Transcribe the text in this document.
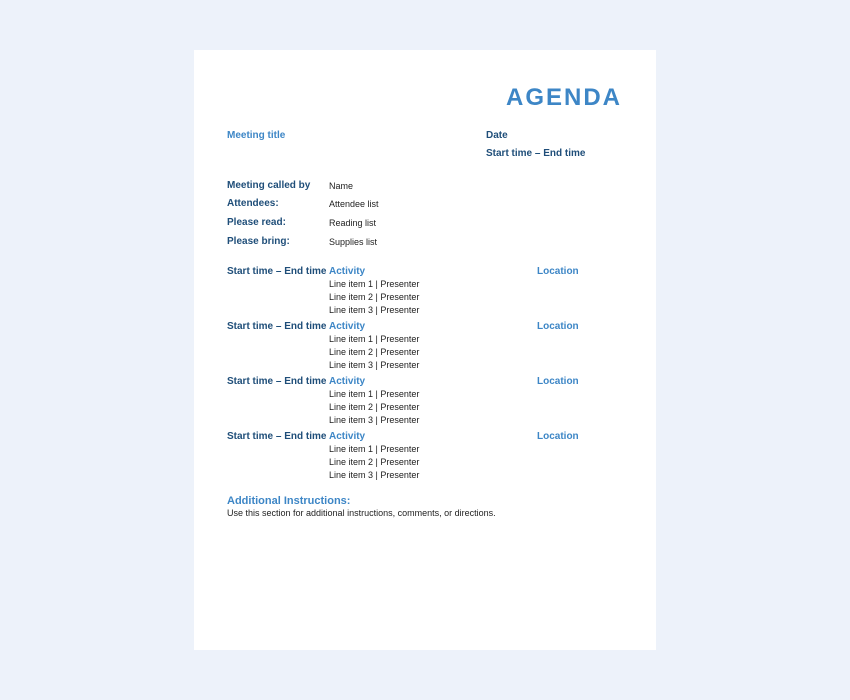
AGENDA
Meeting title	Date
Start time – End time
Meeting called by Name
Attendees:	Attendee list
Please read:	Reading list
Please bring:	Supplies list
Start time – End time Activity	Location
Line item 1 | Presenter
Line item 2 | Presenter
Line item 3 | Presenter
Start time – End time Activity	Location
Line item 1 | Presenter
Line item 2 | Presenter
Line item 3 | Presenter
Start time – End time Activity	Location
Line item 1 | Presenter
Line item 2 | Presenter
Line item 3 | Presenter
Start time – End time Activity	Location
Line item 1 | Presenter
Line item 2 | Presenter
Line item 3 | Presenter
Additional Instructions:
Use this section for additional instructions, comments, or directions.
